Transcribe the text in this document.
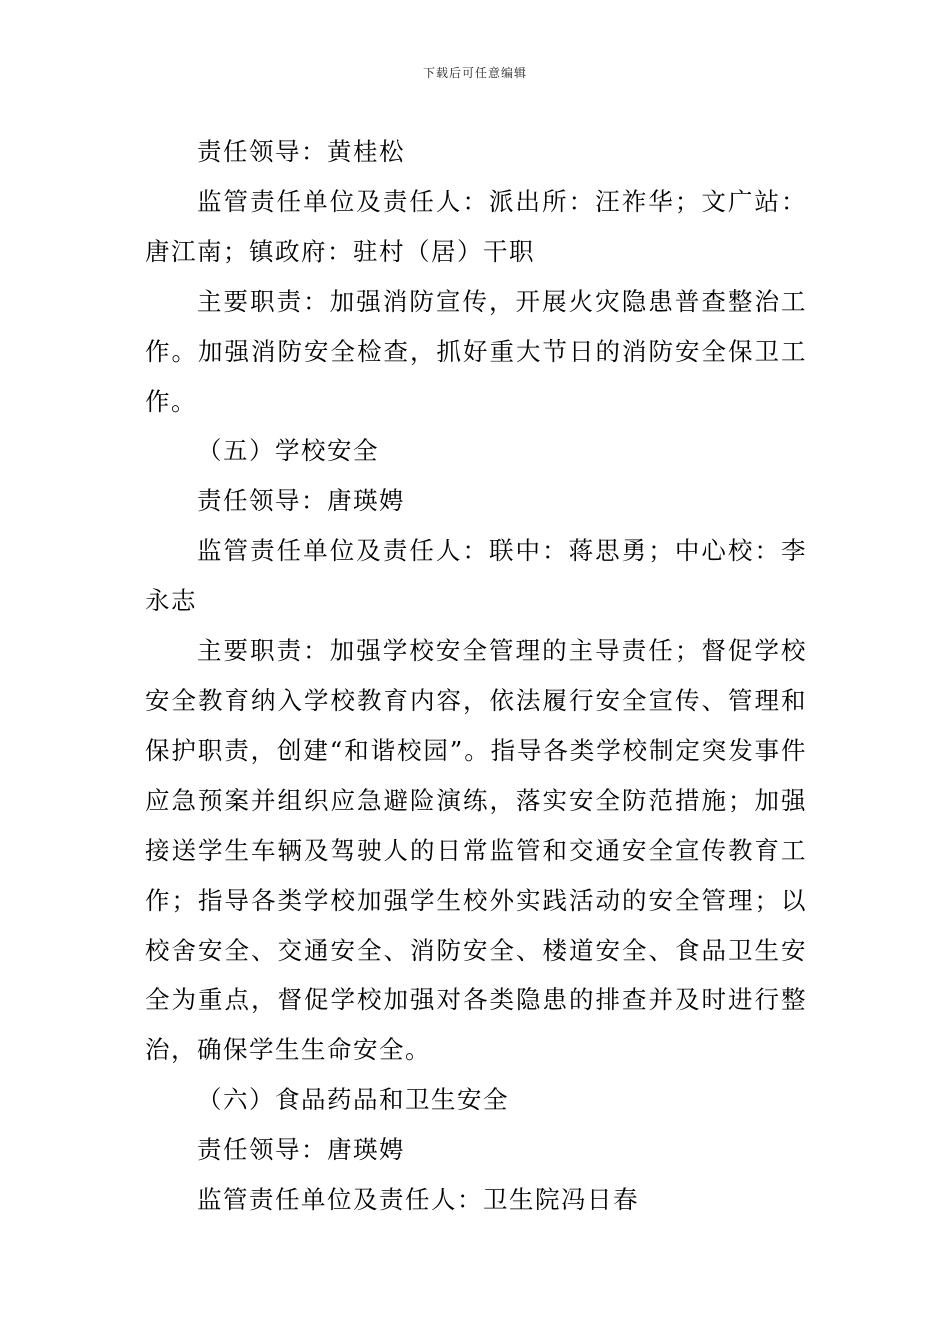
下载后可任意编辑

责任领导：黄桂松

监管责任单位及责任人：派出所：汪祚华；文广站：唐江南；镇政府：驻村（居）干职

主要职责：加强消防宣传，开展火灾隐患普查整治工作。加强消防安全检查，抓好重大节日的消防安全保卫工作。

（五）学校安全

责任领导：唐瑛娉

监管责任单位及责任人：联中：蒋思勇；中心校：李永志

主要职责：加强学校安全管理的主导责任；督促学校安全教育纳入学校教育内容，依法履行安全宣传、管理和保护职责，创建“和谐校园”。指导各类学校制定突发事件应急预案并组织应急避险演练，落实安全防范措施；加强接送学生车辆及驾驶人的日常监管和交通安全宣传教育工作；指导各类学校加强学生校外实践活动的安全管理；以校舍安全、交通安全、消防安全、楼道安全、食品卫生安全为重点，督促学校加强对各类隐患的排查并及时进行整治，确保学生生命安全。

（六）食品药品和卫生安全

责任领导：唐瑛娉

监管责任单位及责任人：卫生院冯日春
